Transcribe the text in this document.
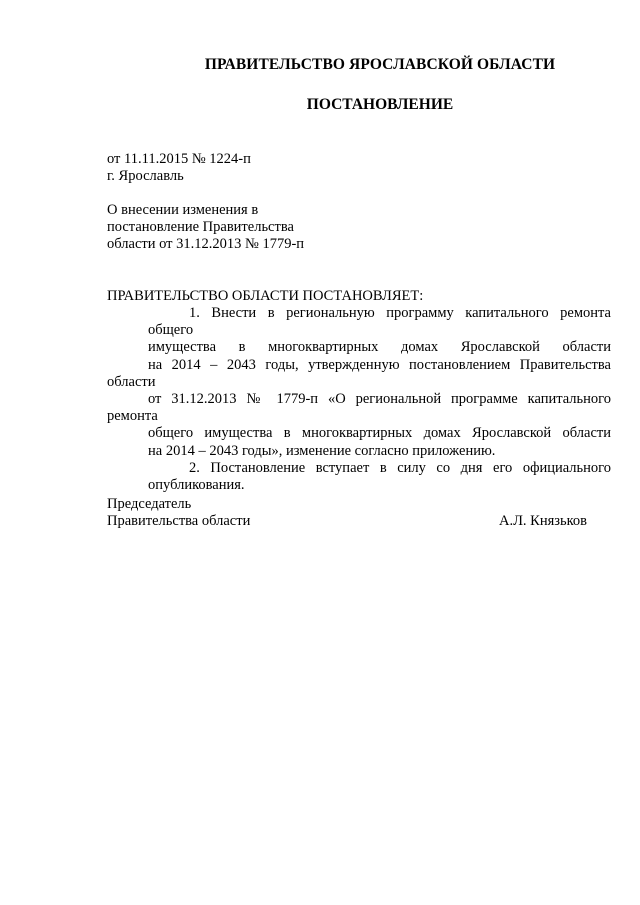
ПРАВИТЕЛЬСТВО ЯРОСЛАВСКОЙ ОБЛАСТИ
ПОСТАНОВЛЕНИЕ
от 11.11.2015 № 1224-п
г. Ярославль
О внесении изменения в
постановление Правительства
области от 31.12.2013 № 1779-п
ПРАВИТЕЛЬСТВО ОБЛАСТИ ПОСТАНОВЛЯЕТ:
1. Внести в региональную программу капитального ремонта общего
имущества в многоквартирных домах Ярославской области
на 2014 – 2043 годы, утвержденную постановлением Правительства области
от 31.12.2013 № 1779-п «О региональной программе капитального ремонта
общего имущества в многоквартирных домах Ярославской области
на 2014 – 2043 годы», изменение согласно приложению.
2. Постановление вступает в силу со дня его официального
опубликования.
Председатель
Правительства области	А.Л. Князьков
